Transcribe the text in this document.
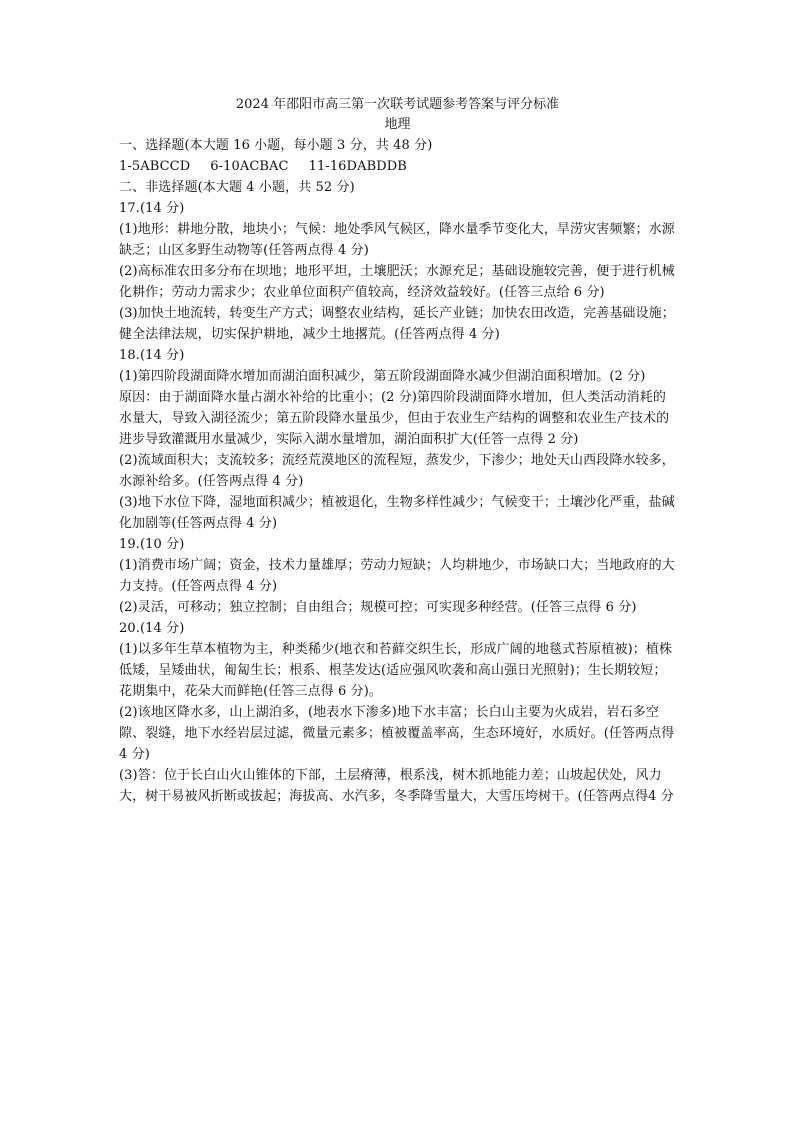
2024 年邵阳市高三第一次联考试题参考答案与评分标准
地理
一、选择题(本大题 16 小题，每小题 3 分，共 48 分)
1-5ABCCD 6-10ACBAC 11-16DABDDB
二、非选择题(本大题 4 小题，共 52 分)
17.(14 分)
(1)地形：耕地分散，地块小；气候：地处季风气候区，降水量季节变化大，旱涝灾害频繁；水源缺乏；山区多野生动物等(任答两点得 4 分)
(2)高标准农田多分布在坝地；地形平坦，土壤肥沃；水源充足；基础设施较完善，便于进行机械化耕作；劳动力需求少；农业单位面积产值较高，经济效益较好。(任答三点给 6 分)
(3)加快土地流转，转变生产方式；调整农业结构，延长产业链；加快农田改造，完善基础设施；健全法律法规，切实保护耕地，减少土地撂荒。(任答两点得 4 分)
18.(14 分)
(1)第四阶段湖面降水增加而湖泊面积减少，第五阶段湖面降水减少但湖泊面积增加。(2 分)
原因：由于湖面降水量占湖水补给的比重小；(2 分)第四阶段湖面降水增加，但人类活动消耗的水量大，导致入湖径流少；第五阶段降水量虽少，但由于农业生产结构的调整和农业生产技术的进步导致灌溉用水量减少，实际入湖水量增加，湖泊面积扩大(任答一点得 2 分)
(2)流域面积大；支流较多；流经荒漠地区的流程短，蒸发少，下渗少；地处天山西段降水较多，水源补给多。(任答两点得 4 分)
(3)地下水位下降，湿地面积减少；植被退化，生物多样性减少；气候变干；土壤沙化严重，盐碱化加剧等(任答两点得 4 分)
19.(10 分)
(1)消费市场广阔；资金，技术力量雄厚；劳动力短缺；人均耕地少，市场缺口大；当地政府的大力支持。(任答两点得 4 分)
(2)灵活，可移动；独立控制；自由组合；规模可控；可实现多种经营。(任答三点得 6 分)
20.(14 分)
(1)以多年生草本植物为主，种类稀少(地衣和苔藓交织生长，形成广阔的地毯式苔原植被)；植株低矮，呈矮曲状，匍匐生长；根系、根茎发达(适应强风吹袭和高山强日光照射)；生长期较短；花期集中，花朵大而鲜艳(任答三点得 6 分)。
(2)该地区降水多，山上湖泊多，(地表水下渗多)地下水丰富；长白山主要为火成岩，岩石多空隙、裂缝，地下水经岩层过滤，微量元素多；植被覆盖率高，生态环境好，水质好。(任答两点得4 分)
(3)答：位于长白山火山锥体的下部，土层瘠薄，根系浅，树木抓地能力差；山坡起伏处，风力大，树干易被风折断或拔起；海拔高、水汽多，冬季降雪量大，大雪压垮树干。(任答两点得4 分
